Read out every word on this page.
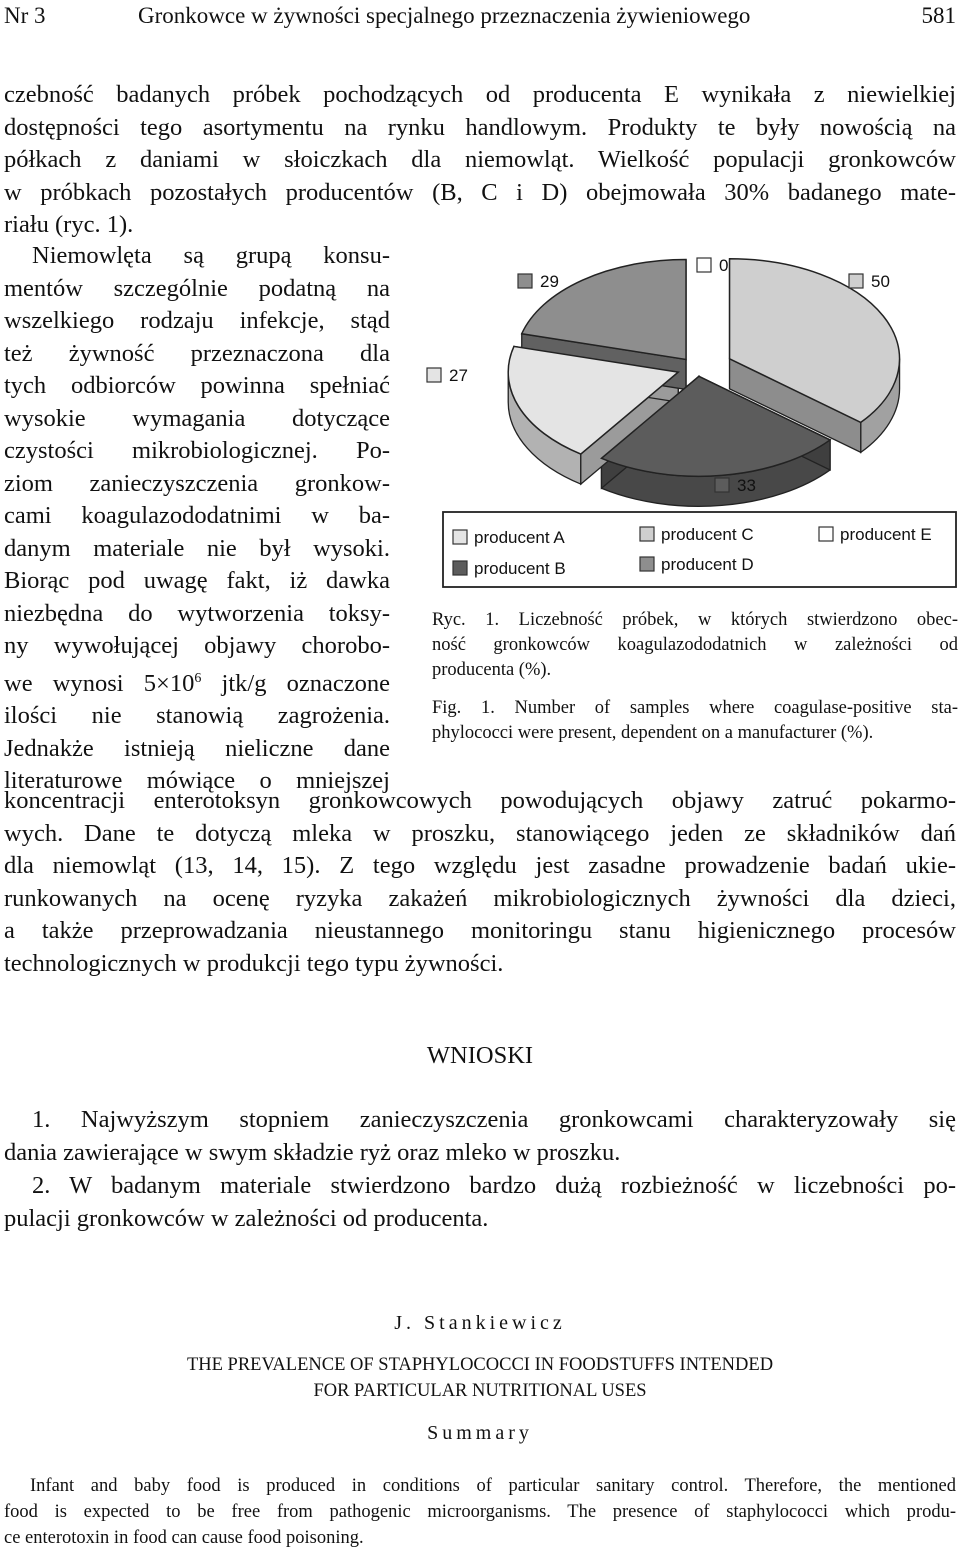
Nr 3	Gronkowce w żywności specjalnego przeznaczenia żywieniowego	581
czebność badanych próbek pochodzących od producenta E wynikała z niewielkiej
dostępności tego asortymentu na rynku handlowym. Produkty te były nowością na
półkach z daniami w słoiczkach dla niemowląt. Wielkość populacji gronkowców
w próbkach pozostałych producentów (B, C i D) obejmowała 30% badanego mate-
riału (ryc. 1).
Niemowlęta są grupą konsu-
mentów szczególnie podatną na
wszelkiego rodzaju infekcje, stąd
też żywność przeznaczona dla
tych odbiorców powinna spełniać
wysokie wymagania dotyczące
czystości mikrobiologicznej. Po-
ziom zanieczyszczenia gronkow-
cami koagulazododatnimi w ba-
danym materiale nie był wysoki.
Biorąc pod uwagę fakt, iż dawka
niezbędna do wytworzenia toksy-
ny wywołującej objawy chorobo-
we wynosi $5\times 10^6$ jtk/g oznaczone
ilości nie stanowią zagrożenia.
Jednakże istnieją nieliczne dane
literaturowe mówiące o mniejszej
50
33
27
29
0
producent A
producent B
producent C
producent D
producent E
Ryc. 1. Liczebność próbek, w których stwierdzono obec-
ność gronkowców koagulazododatnich w zależności od
producenta (%).
Fig. 1. Number of samples where coagulase-positive sta-
phylococci were present, dependent on a manufacturer (%).
koncentracji enterotoksyn gronkowcowych powodujących objawy zatruć pokarmo-
wych. Dane te dotyczą mleka w proszku, stanowiącego jeden ze składników dań
dla niemowląt (13, 14, 15). Z tego względu jest zasadne prowadzenie badań ukie-
runkowanych na ocenę ryzyka zakażeń mikrobiologicznych żywności dla dzieci,
a także przeprowadzania nieustannego monitoringu stanu higienicznego procesów
technologicznych w produkcji tego typu żywności.
WNIOSKI
1. Najwyższym stopniem zanieczyszczenia gronkowcami charakteryzowały się
dania zawierające w swym składzie ryż oraz mleko w proszku.
2. W badanym materiale stwierdzono bardzo dużą rozbieżność w liczebności po-
pulacji gronkowców w zależności od producenta.
J. Stankiewicz
THE PREVALENCE OF STAPHYLOCOCCI IN FOODSTUFFS INTENDED
FOR PARTICULAR NUTRITIONAL USES
Summary
Infant and baby food is produced in conditions of particular sanitary control. Therefore, the mentioned
food is expected to be free from pathogenic microorganisms. The presence of staphylococci which produ-
ce enterotoxin in food can cause food poisoning.
